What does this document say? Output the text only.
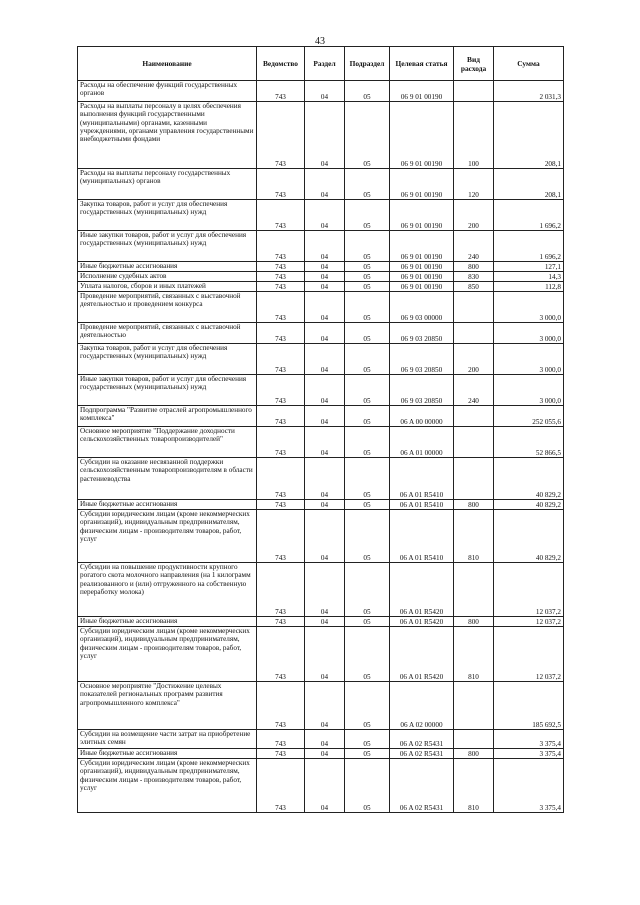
43
Наименование	Ведомство	Раздел	Подраздел	Целевая статья	Вид расхода	Сумма
Расходы на обеспечение функций государственных органов	743	04	05	06 9 01 00190		2 031,3
Расходы на выплаты персоналу в целях обеспечения выполнения функций государственными (муниципальными) органами, казенными учреждениями, органами управления государственными внебюджетными фондами	743	04	05	06 9 01 00190	100	208,1
Расходы на выплаты персоналу государственных (муниципальных) органов	743	04	05	06 9 01 00190	120	208,1
Закупка товаров, работ и услуг для обеспечения государственных (муниципальных) нужд	743	04	05	06 9 01 00190	200	1 696,2
Иные закупки товаров, работ и услуг для обеспечения государственных (муниципальных) нужд	743	04	05	06 9 01 00190	240	1 696,2
Иные бюджетные ассигнования	743	04	05	06 9 01 00190	800	127,1
Исполнение судебных актов	743	04	05	06 9 01 00190	830	14,3
Уплата налогов, сборов и иных платежей	743	04	05	06 9 01 00190	850	112,8
Проведение мероприятий, связанных с выставочной деятельностью и проведением конкурса	743	04	05	06 9 03 00000		3 000,0
Проведение мероприятий, связанных с выставочной деятельностью	743	04	05	06 9 03 20850		3 000,0
Закупка товаров, работ и услуг для обеспечения государственных (муниципальных) нужд	743	04	05	06 9 03 20850	200	3 000,0
Иные закупки товаров, работ и услуг для обеспечения государственных (муниципальных) нужд	743	04	05	06 9 03 20850	240	3 000,0
Подпрограмма "Развитие отраслей агропромышленного комплекса"	743	04	05	06 A 00 00000		252 055,6
Основное мероприятие "Поддержание доходности сельскохозяйственных товаропроизводителей"	743	04	05	06 A 01 00000		52 866,5
Субсидии на оказание несвязанной поддержки сельскохозяйственным товаропроизводителям в области растениеводства	743	04	05	06 A 01 R5410		40 829,2
Иные бюджетные ассигнования	743	04	05	06 A 01 R5410	800	40 829,2
Субсидии юридическим лицам (кроме некоммерческих организаций), индивидуальным предпринимателям, физическим лицам - производителям товаров, работ, услуг	743	04	05	06 A 01 R5410	810	40 829,2
Субсидии на повышение продуктивности крупного рогатого скота молочного направления (на 1 килограмм реализованного и (или) отгруженного на собственную переработку молока)	743	04	05	06 A 01 R5420		12 037,2
Иные бюджетные ассигнования	743	04	05	06 A 01 R5420	800	12 037,2
Субсидии юридическим лицам (кроме некоммерческих организаций), индивидуальным предпринимателям, физическим лицам - производителям товаров, работ, услуг	743	04	05	06 A 01 R5420	810	12 037,2
Основное мероприятие "Достижение целевых показателей региональных программ развития агропромышленного комплекса"	743	04	05	06 A 02 00000		185 692,5
Субсидии на возмещение части затрат на приобретение элитных семян	743	04	05	06 A 02 R5431		3 375,4
Иные бюджетные ассигнования	743	04	05	06 A 02 R5431	800	3 375,4
Субсидии юридическим лицам (кроме некоммерческих организаций), индивидуальным предпринимателям, физическим лицам - производителям товаров, работ, услуг	743	04	05	06 A 02 R5431	810	3 375,4
